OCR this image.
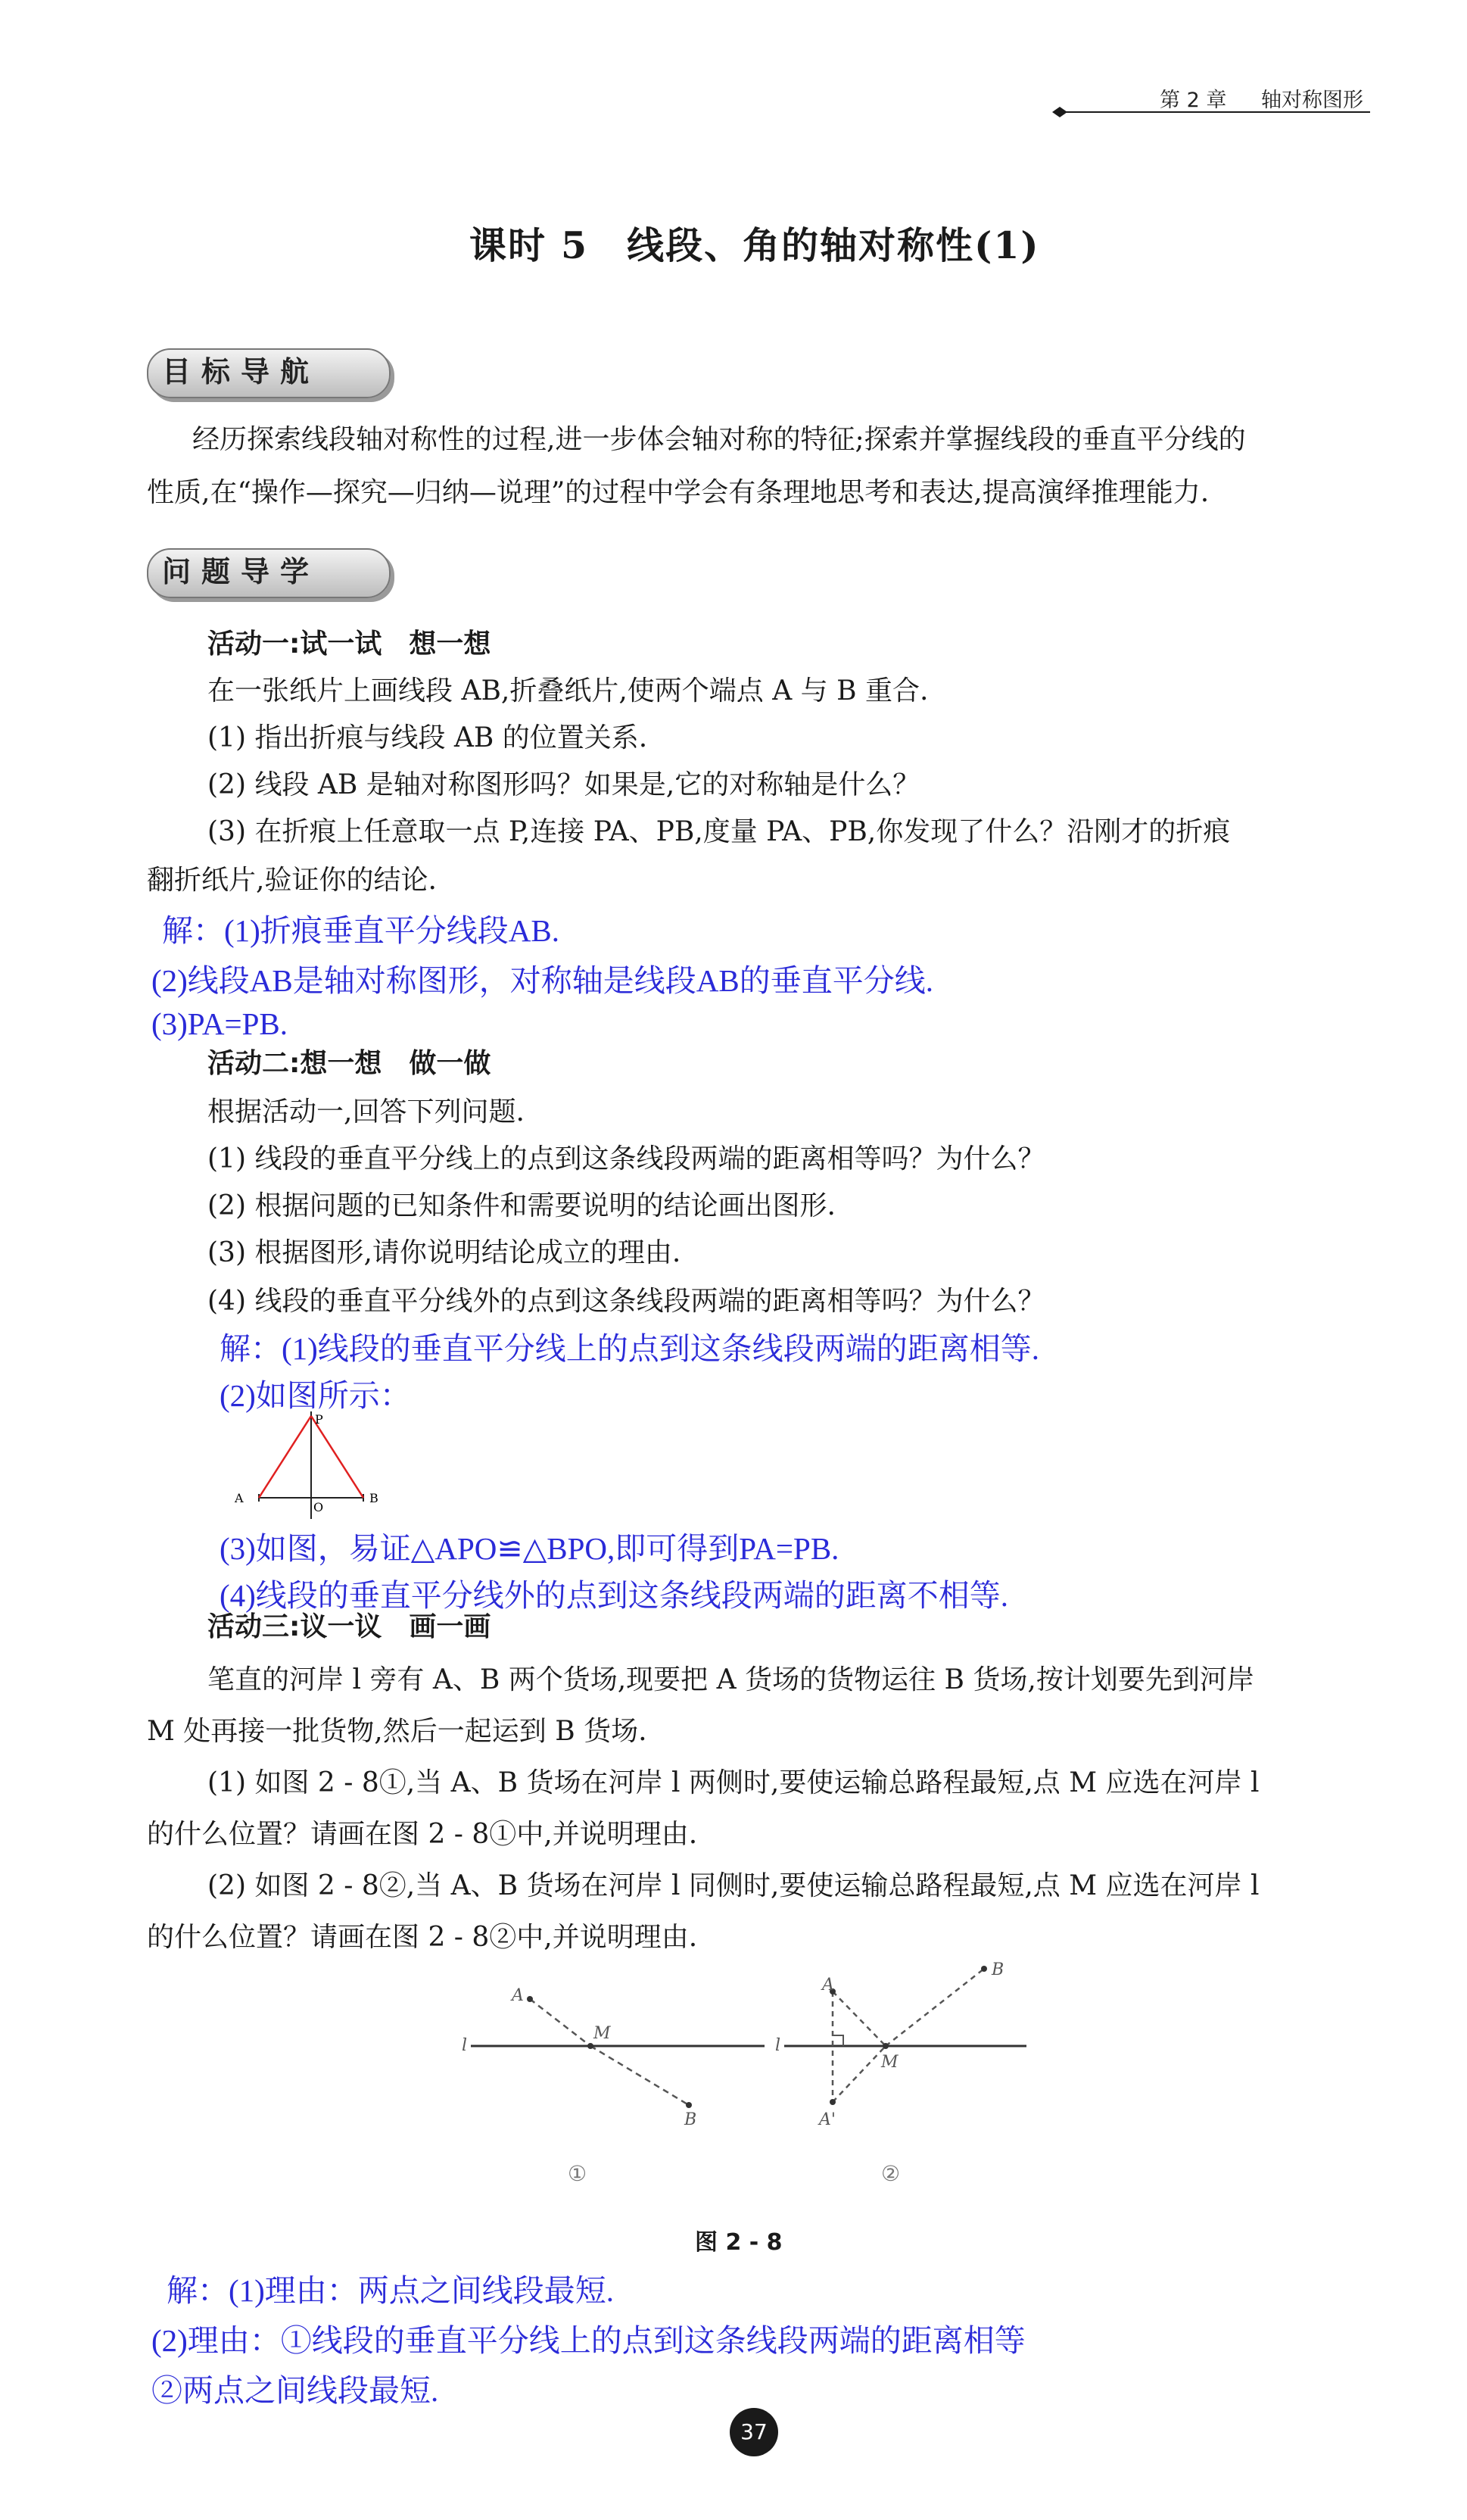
第 2 章 轴对称图形
课时 5　线段、角的轴对称性(1)
目标导航
经历探索线段轴对称性的过程,进一步体会轴对称的特征;探索并掌握线段的垂直平分线的
性质,在“操作—探究—归纳—说理”的过程中学会有条理地思考和表达,提高演绎推理能力.
问题导学
活动一:试一试　想一想
在一张纸片上画线段 AB,折叠纸片,使两个端点 A 与 B 重合.
(1) 指出折痕与线段 AB 的位置关系.
(2) 线段 AB 是轴对称图形吗？如果是,它的对称轴是什么？
(3) 在折痕上任意取一点 P,连接 PA、PB,度量 PA、PB,你发现了什么？沿刚才的折痕
翻折纸片,验证你的结论.
解：(1)折痕垂直平分线段AB.
(2)线段AB是轴对称图形，对称轴是线段AB的垂直平分线.
(3)PA=PB.
活动二:想一想　做一做
根据活动一,回答下列问题.
(1) 线段的垂直平分线上的点到这条线段两端的距离相等吗？为什么？
(2) 根据问题的已知条件和需要说明的结论画出图形.
(3) 根据图形,请你说明结论成立的理由.
(4) 线段的垂直平分线外的点到这条线段两端的距离相等吗？为什么？
解：(1)线段的垂直平分线上的点到这条线段两端的距离相等.
(2)如图所示：
P
A
O
B
(3)如图，易证△APO≌△BPO,即可得到PA=PB.
(4)线段的垂直平分线外的点到这条线段两端的距离不相等.
活动三:议一议　画一画
笔直的河岸 l 旁有 A、B 两个货场,现要把 A 货场的货物运往 B 货场,按计划要先到河岸
M 处再接一批货物,然后一起运到 B 货场.
(1) 如图 2 - 8①,当 A、B 货场在河岸 l 两侧时,要使运输总路程最短,点 M 应选在河岸 l
的什么位置？请画在图 2 - 8①中,并说明理由.
(2) 如图 2 - 8②,当 A、B 货场在河岸 l 同侧时,要使运输总路程最短,点 M 应选在河岸 l
的什么位置？请画在图 2 - 8②中,并说明理由.
A
M
B
l
①
B
A
A'
M
l
②
图 2 - 8
解：(1)理由：两点之间线段最短.
(2)理由：①线段的垂直平分线上的点到这条线段两端的距离相等
②两点之间线段最短.
37
